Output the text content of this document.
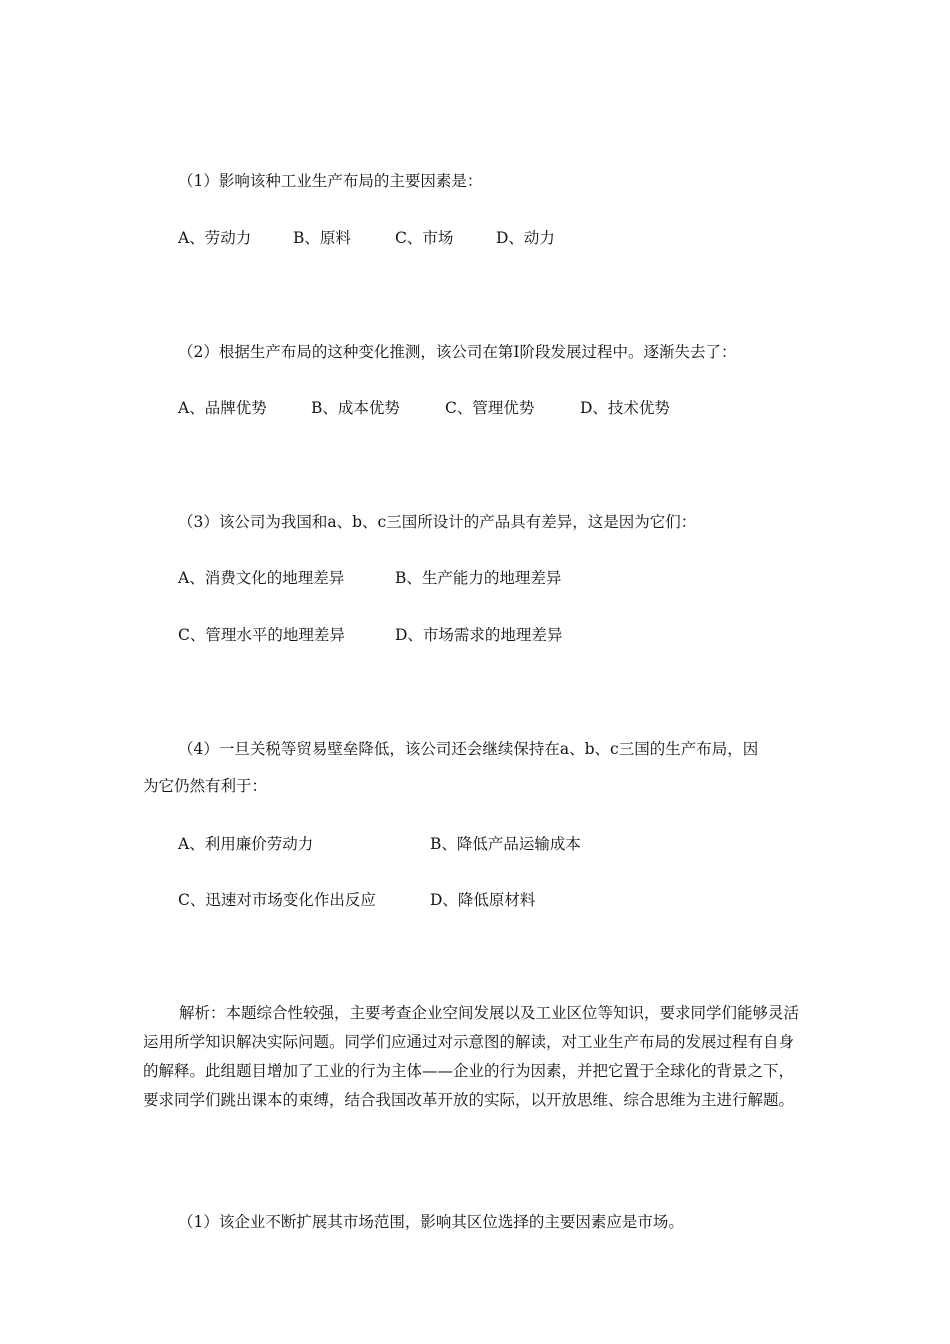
（1）影响该种工业生产布局的主要因素是：
A、劳动力	B、原料	C、市场	D、动力
（2）根据生产布局的这种变化推测，该公司在第Ⅰ阶段发展过程中。逐渐失去了：
A、品牌优势	B、成本优势	C、管理优势	D、技术优势
（3）该公司为我国和a、b、c三国所设计的产品具有差异，这是因为它们：
A、消费文化的地理差异	B、生产能力的地理差异
C、管理水平的地理差异	D、市场需求的地理差异
（4）一旦关税等贸易壁垒降低，该公司还会继续保持在a、b、c三国的生产布局，因
为它仍然有利于：
A、利用廉价劳动力	B、降低产品运输成本
C、迅速对市场变化作出反应	D、降低原材料
解析：本题综合性较强，主要考查企业空间发展以及工业区位等知识，要求同学们能够灵活运用所学知识解决实际问题。同学们应通过对示意图的解读，对工业生产布局的发展过程有自身的解释。此组题目增加了工业的行为主体——企业的行为因素，并把它置于全球化的背景之下，要求同学们跳出课本的束缚，结合我国改革开放的实际，以开放思维、综合思维为主进行解题。
（1）该企业不断扩展其市场范围，影响其区位选择的主要因素应是市场。
